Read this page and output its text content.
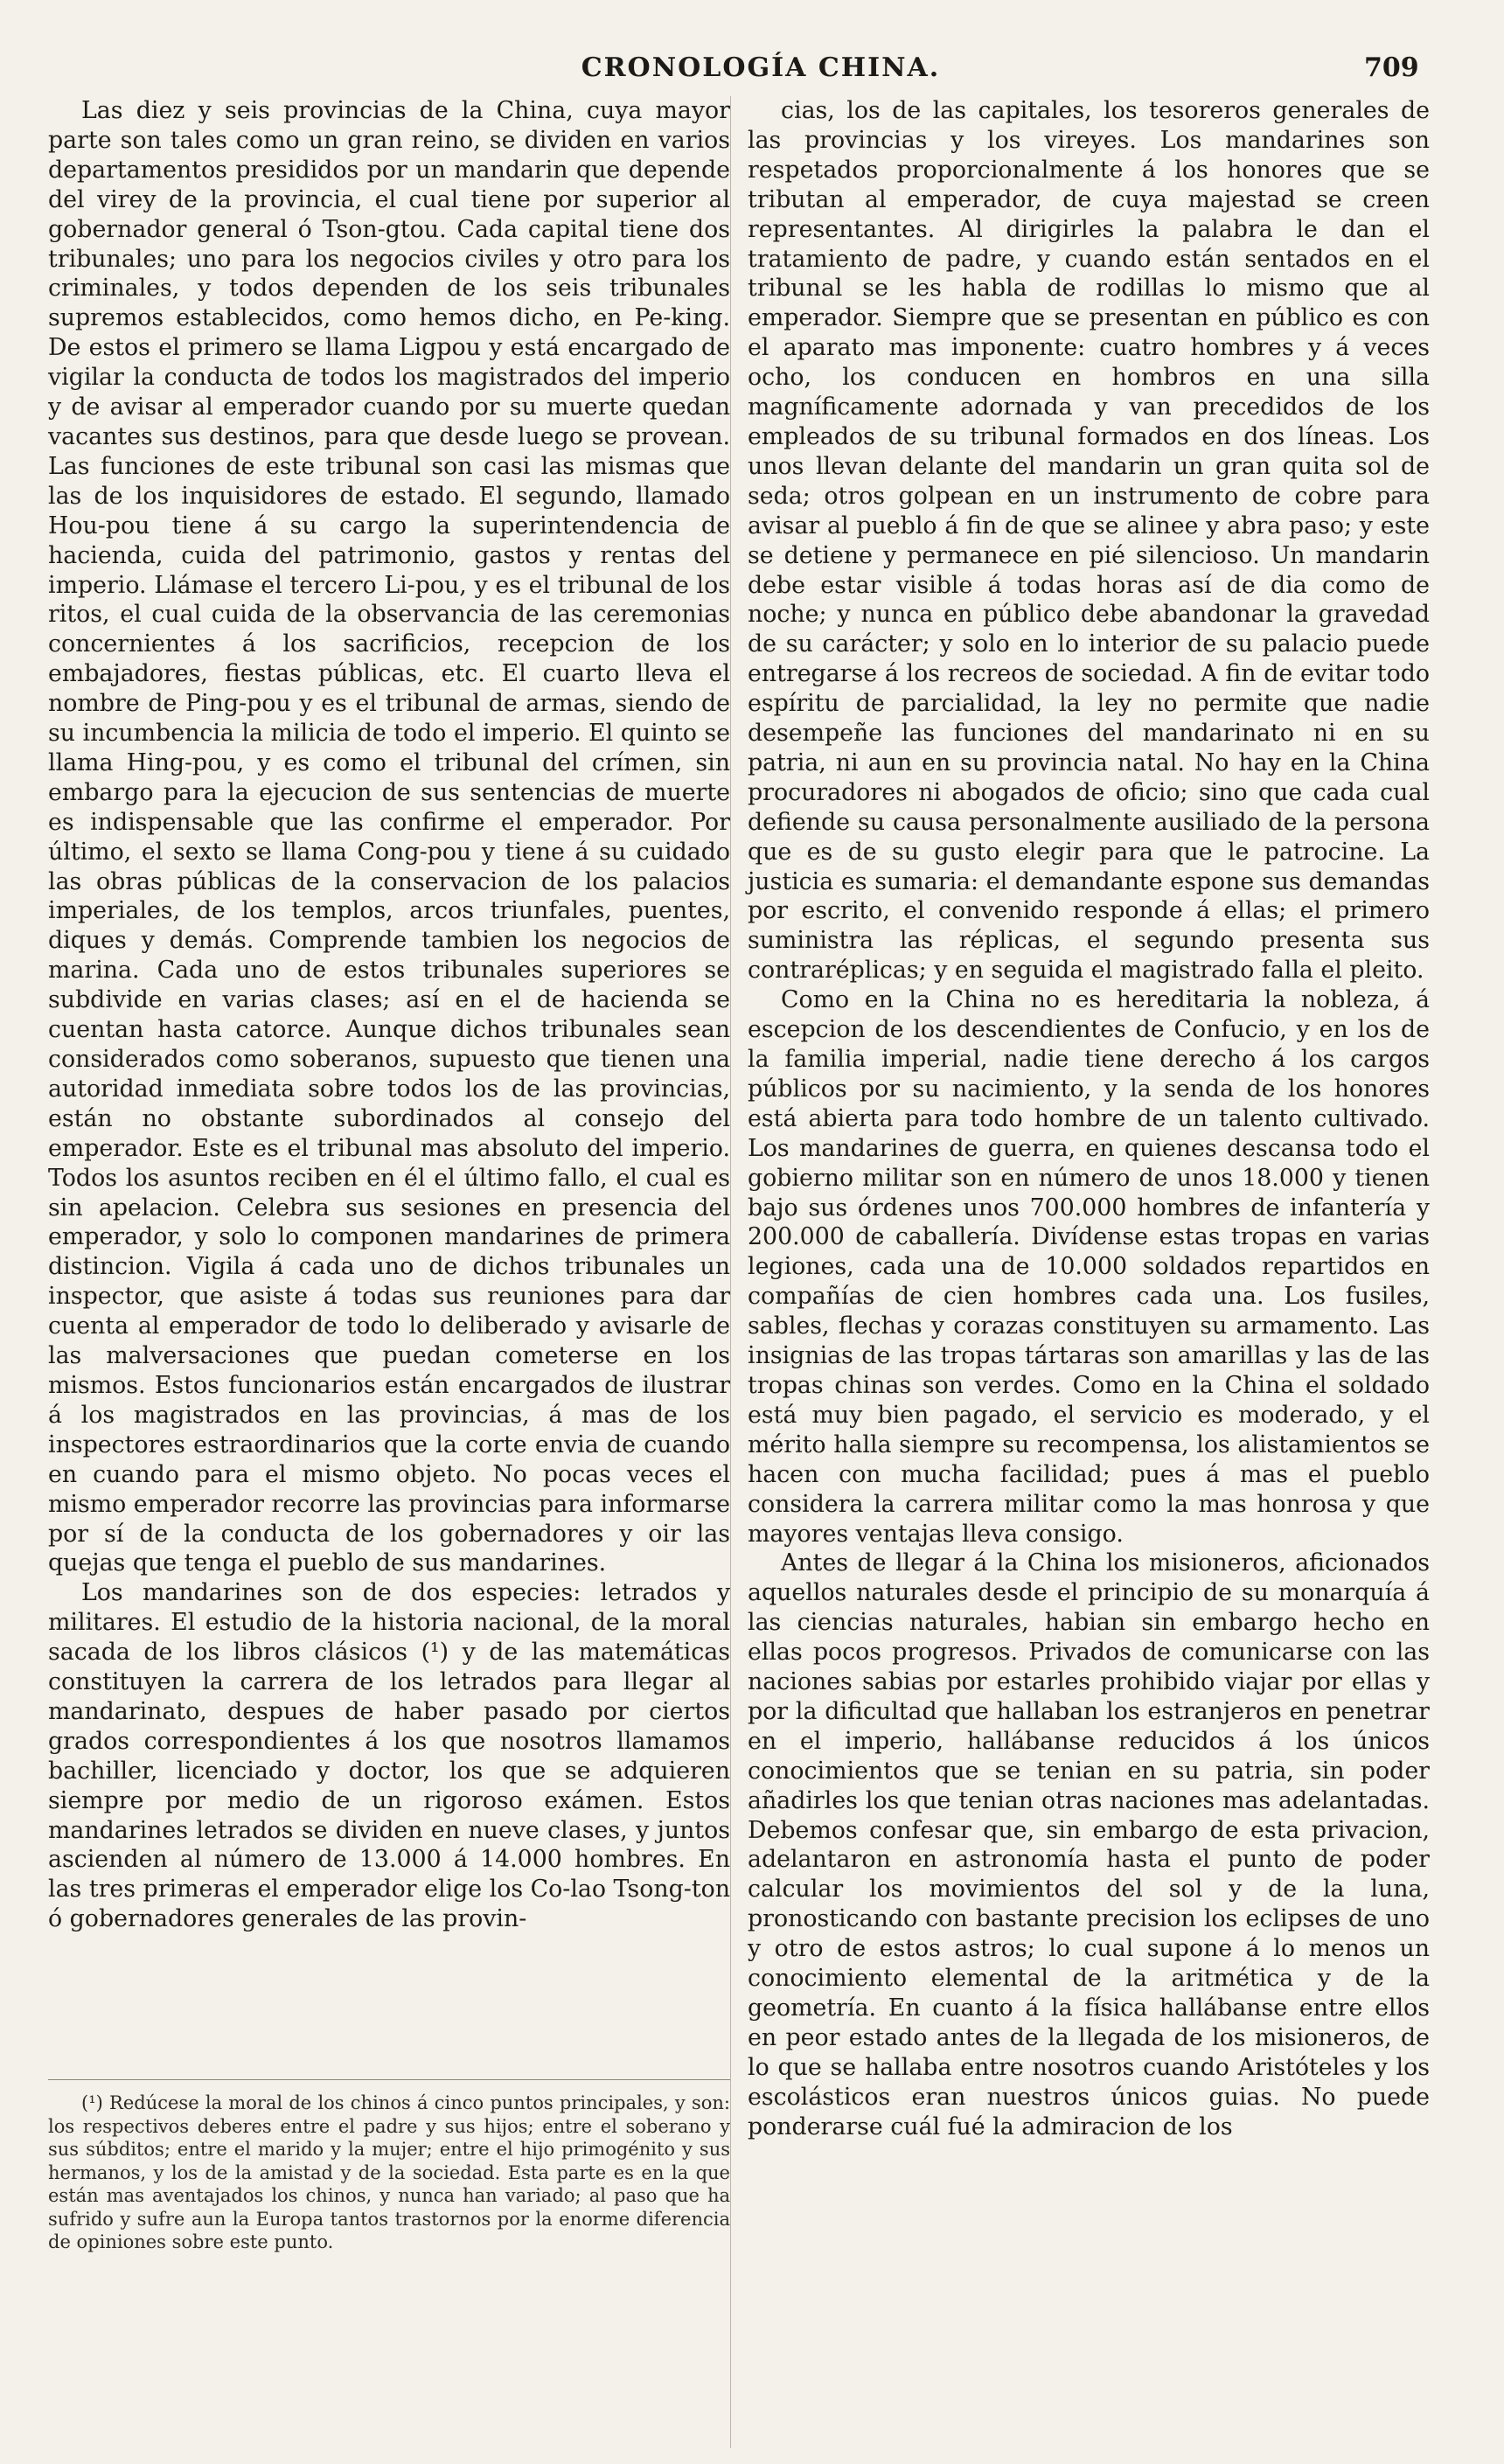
CRONOLOGÍA CHINA.	709

Las diez y seis provincias de la China, cuya mayor parte son tales como un gran reino, se dividen en varios departamentos presididos por un mandarin que depende del virey de la provincia, el cual tiene por superior al gobernador general ó Tson-gtou. Cada capital tiene dos tribunales; uno para los negocios civiles y otro para los criminales, y todos dependen de los seis tribunales supremos establecidos, como hemos dicho, en Pe-king. De estos el primero se llama Ligpou y está encargado de vigilar la conducta de todos los magistrados del imperio y de avisar al emperador cuando por su muerte quedan vacantes sus destinos, para que desde luego se provean. Las funciones de este tribunal son casi las mismas que las de los inquisidores de estado. El segundo, llamado Hou-pou tiene á su cargo la superintendencia de hacienda, cuida del patrimonio, gastos y rentas del imperio. Llámase el tercero Li-pou, y es el tribunal de los ritos, el cual cuida de la observancia de las ceremonias concernientes á los sacrificios, recepcion de los embajadores, fiestas públicas, etc. El cuarto lleva el nombre de Ping-pou y es el tribunal de armas, siendo de su incumbencia la milicia de todo el imperio. El quinto se llama Hing-pou, y es como el tribunal del crímen, sin embargo para la ejecucion de sus sentencias de muerte es indispensable que las confirme el emperador. Por último, el sexto se llama Cong-pou y tiene á su cuidado las obras públicas de la conservacion de los palacios imperiales, de los templos, arcos triunfales, puentes, diques y demás. Comprende tambien los negocios de marina. Cada uno de estos tribunales superiores se subdivide en varias clases; así en el de hacienda se cuentan hasta catorce. Aunque dichos tribunales sean considerados como soberanos, supuesto que tienen una autoridad inmediata sobre todos los de las provincias, están no obstante subordinados al consejo del emperador. Este es el tribunal mas absoluto del imperio. Todos los asuntos reciben en él el último fallo, el cual es sin apelacion. Celebra sus sesiones en presencia del emperador, y solo lo componen mandarines de primera distincion. Vigila á cada uno de dichos tribunales un inspector, que asiste á todas sus reuniones para dar cuenta al emperador de todo lo deliberado y avisarle de las malversaciones que puedan cometerse en los mismos. Estos funcionarios están encargados de ilustrar á los magistrados en las provincias, á mas de los inspectores estraordinarios que la corte envia de cuando en cuando para el mismo objeto. No pocas veces el mismo emperador recorre las provincias para informarse por sí de la conducta de los gobernadores y oir las quejas que tenga el pueblo de sus mandarines.

Los mandarines son de dos especies: letrados y militares. El estudio de la historia nacional, de la moral sacada de los libros clásicos (¹) y de las matemáticas constituyen la carrera de los letrados para llegar al mandarinato, despues de haber pasado por ciertos grados correspondientes á los que nosotros llamamos bachiller, licenciado y doctor, los que se adquieren siempre por medio de un rigoroso exámen. Estos mandarines letrados se dividen en nueve clases, y juntos ascienden al número de 13.000 á 14.000 hombres. En las tres primeras el emperador elige los Co-lao Tsong-ton ó gobernadores generales de las provin-

(¹) Redúcese la moral de los chinos á cinco puntos principales, y son: los respectivos deberes entre el padre y sus hijos; entre el soberano y sus súbditos; entre el marido y la mujer; entre el hijo primogénito y sus hermanos, y los de la amistad y de la sociedad. Esta parte es en la que están mas aventajados los chinos, y nunca han variado; al paso que ha sufrido y sufre aun la Europa tantos trastornos por la enorme diferencia de opiniones sobre este punto.

cias, los de las capitales, los tesoreros generales de las provincias y los vireyes. Los mandarines son respetados proporcionalmente á los honores que se tributan al emperador, de cuya majestad se creen representantes. Al dirigirles la palabra le dan el tratamiento de padre, y cuando están sentados en el tribunal se les habla de rodillas lo mismo que al emperador. Siempre que se presentan en público es con el aparato mas imponente: cuatro hombres y á veces ocho, los conducen en hombros en una silla magníficamente adornada y van precedidos de los empleados de su tribunal formados en dos líneas. Los unos llevan delante del mandarin un gran quita sol de seda; otros golpean en un instrumento de cobre para avisar al pueblo á fin de que se alinee y abra paso; y este se detiene y permanece en pié silencioso. Un mandarin debe estar visible á todas horas así de dia como de noche; y nunca en público debe abandonar la gravedad de su carácter; y solo en lo interior de su palacio puede entregarse á los recreos de sociedad. A fin de evitar todo espíritu de parcialidad, la ley no permite que nadie desempeñe las funciones del mandarinato ni en su patria, ni aun en su provincia natal. No hay en la China procuradores ni abogados de oficio; sino que cada cual defiende su causa personalmente ausiliado de la persona que es de su gusto elegir para que le patrocine. La justicia es sumaria: el demandante espone sus demandas por escrito, el convenido responde á ellas; el primero suministra las réplicas, el segundo presenta sus contraréplicas; y en seguida el magistrado falla el pleito.

Como en la China no es hereditaria la nobleza, á escepcion de los descendientes de Confucio, y en los de la familia imperial, nadie tiene derecho á los cargos públicos por su nacimiento, y la senda de los honores está abierta para todo hombre de un talento cultivado. Los mandarines de guerra, en quienes descansa todo el gobierno militar son en número de unos 18.000 y tienen bajo sus órdenes unos 700.000 hombres de infantería y 200.000 de caballería. Divídense estas tropas en varias legiones, cada una de 10.000 soldados repartidos en compañías de cien hombres cada una. Los fusiles, sables, flechas y corazas constituyen su armamento. Las insignias de las tropas tártaras son amarillas y las de las tropas chinas son verdes. Como en la China el soldado está muy bien pagado, el servicio es moderado, y el mérito halla siempre su recompensa, los alistamientos se hacen con mucha facilidad; pues á mas el pueblo considera la carrera militar como la mas honrosa y que mayores ventajas lleva consigo.

Antes de llegar á la China los misioneros, aficionados aquellos naturales desde el principio de su monarquía á las ciencias naturales, habian sin embargo hecho en ellas pocos progresos. Privados de comunicarse con las naciones sabias por estarles prohibido viajar por ellas y por la dificultad que hallaban los estranjeros en penetrar en el imperio, hallábanse reducidos á los únicos conocimientos que se tenian en su patria, sin poder añadirles los que tenian otras naciones mas adelantadas. Debemos confesar que, sin embargo de esta privacion, adelantaron en astronomía hasta el punto de poder calcular los movimientos del sol y de la luna, pronosticando con bastante precision los eclipses de uno y otro de estos astros; lo cual supone á lo menos un conocimiento elemental de la aritmética y de la geometría. En cuanto á la física hallábanse entre ellos en peor estado antes de la llegada de los misioneros, de lo que se hallaba entre nosotros cuando Aristóteles y los escolásticos eran nuestros únicos guias. No puede ponderarse cuál fué la admiracion de los
